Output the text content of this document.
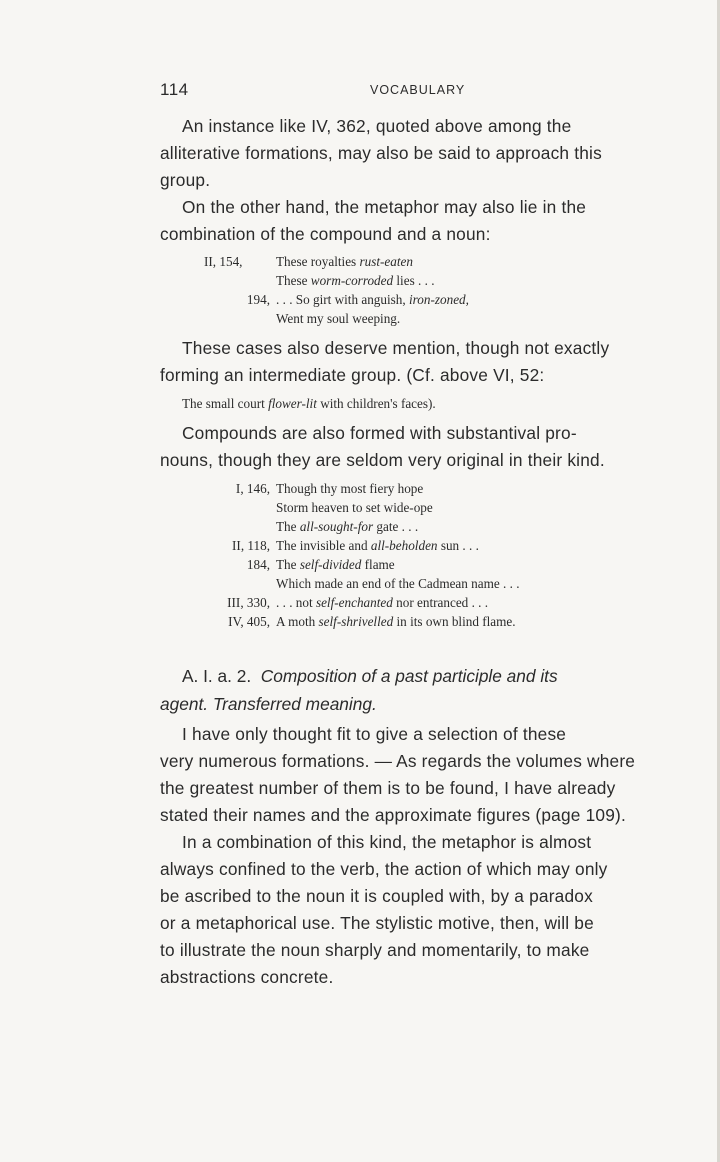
114	VOCABULARY
An instance like IV, 362, quoted above among the
alliterative formations, may also be said to approach this
group.
On the other hand, the metaphor may also lie in the
combination of the compound and a noun:
II, 154,	These royalties rust-eaten
These worm-corroded lies . . .
194, . . . So girt with anguish, iron-zoned,
Went my soul weeping.
These cases also deserve mention, though not exactly
forming an intermediate group. (Cf. above VI, 52:
The small court flower-lit with children's faces).
Compounds are also formed with substantival pro-
nouns, though they are seldom very original in their kind.
I, 146, Though thy most fiery hope
Storm heaven to set wide-ope
The all-sought-for gate . . .
II, 118, The invisible and all-beholden sun . . .
184, The self-divided flame
Which made an end of the Cadmean name . . .
III, 330, . . . not self-enchanted nor entranced . . .
IV, 405, A moth self-shrivelled in its own blind flame.
A. I. a. 2. Composition of a past participle and its
agent. Transferred meaning.
I have only thought fit to give a selection of these
very numerous formations. — As regards the volumes where
the greatest number of them is to be found, I have already
stated their names and the approximate figures (page 109).
In a combination of this kind, the metaphor is almost
always confined to the verb, the action of which may only
be ascribed to the noun it is coupled with, by a paradox
or a metaphorical use. The stylistic motive, then, will be
to illustrate the noun sharply and momentarily, to make
abstractions concrete.
